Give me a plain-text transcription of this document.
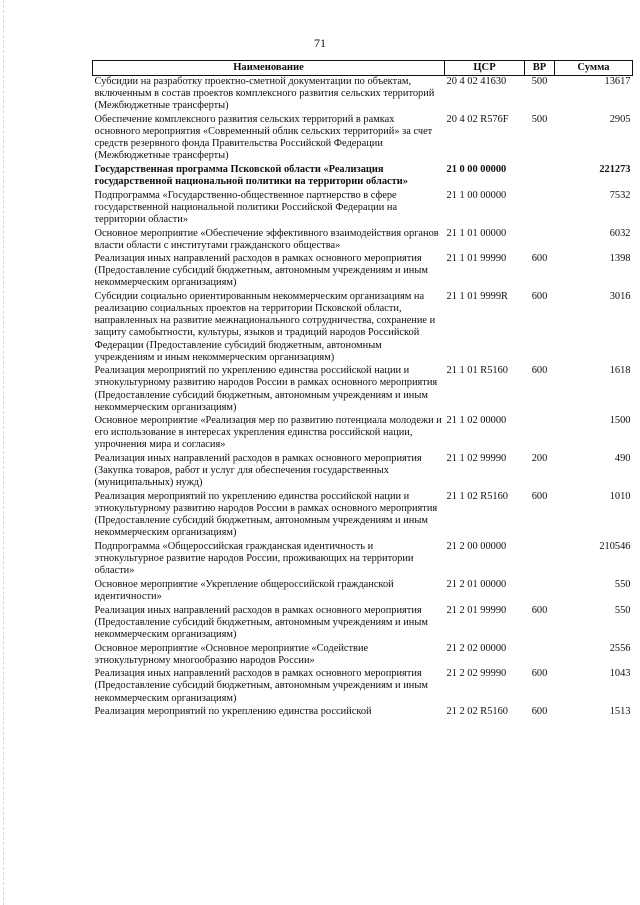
71
Наименование	ЦСР	ВР	Сумма
Субсидии на разработку проектно-сметной документации по объектам, включенным в состав проектов комплексного развития сельских территорий (Межбюджетные трансферты)	20 4 02 41630	500	13617
Обеспечение комплексного развития сельских территорий в рамках основного мероприятия «Современный облик сельских территорий» за счет средств резервного фонда Правительства Российской Федерации (Межбюджетные трансферты)	20 4 02 R576F	500	2905
Государственная программа Псковской области «Реализация государственной национальной политики на территории области»	21 0 00 00000		221273
Подпрограмма «Государственно-общественное партнерство в сфере государственной национальной политики Российской Федерации на территории области»	21 1 00 00000		7532
Основное мероприятие «Обеспечение эффективного взаимодействия органов власти области с институтами гражданского общества»	21 1 01 00000		6032
Реализация иных направлений расходов в рамках основного мероприятия (Предоставление субсидий бюджетным, автономным учреждениям и иным некоммерческим организациям)	21 1 01 99990	600	1398
Субсидии социально ориентированным некоммерческим организациям на реализацию социальных проектов на территории Псковской области, направленных на развитие межнационального сотрудничества, сохранение и защиту самобытности, культуры, языков и традиций народов Российской Федерации (Предоставление субсидий бюджетным, автономным учреждениям и иным некоммерческим организациям)	21 1 01 9999R	600	3016
Реализация мероприятий по укреплению единства российской нации и этнокультурному развитию народов России в рамках основного мероприятия (Предоставление субсидий бюджетным, автономным учреждениям и иным некоммерческим организациям)	21 1 01 R5160	600	1618
Основное мероприятие «Реализация мер по развитию потенциала молодежи и его использование в интересах укрепления единства российской нации, упрочнения мира и согласия»	21 1 02 00000		1500
Реализация иных направлений расходов в рамках основного мероприятия (Закупка товаров, работ и услуг для обеспечения государственных (муниципальных) нужд)	21 1 02 99990	200	490
Реализация мероприятий по укреплению единства российской нации и этнокультурному развитию народов России в рамках основного мероприятия (Предоставление субсидий бюджетным, автономным учреждениям и иным некоммерческим организациям)	21 1 02 R5160	600	1010
Подпрограмма «Общероссийская гражданская идентичность и этнокультурное развитие народов России, проживающих на территории области»	21 2 00 00000		210546
Основное мероприятие «Укрепление общероссийской гражданской идентичности»	21 2 01 00000		550
Реализация иных направлений расходов в рамках основного мероприятия (Предоставление субсидий бюджетным, автономным учреждениям и иным некоммерческим организациям)	21 2 01 99990	600	550
Основное мероприятие «Основное мероприятие «Содействие этнокультурному многообразию народов России»	21 2 02 00000		2556
Реализация иных направлений расходов в рамках основного мероприятия (Предоставление субсидий бюджетным, автономным учреждениям и иным некоммерческим организациям)	21 2 02 99990	600	1043
Реализация мероприятий по укреплению единства российской	21 2 02 R5160	600	1513
